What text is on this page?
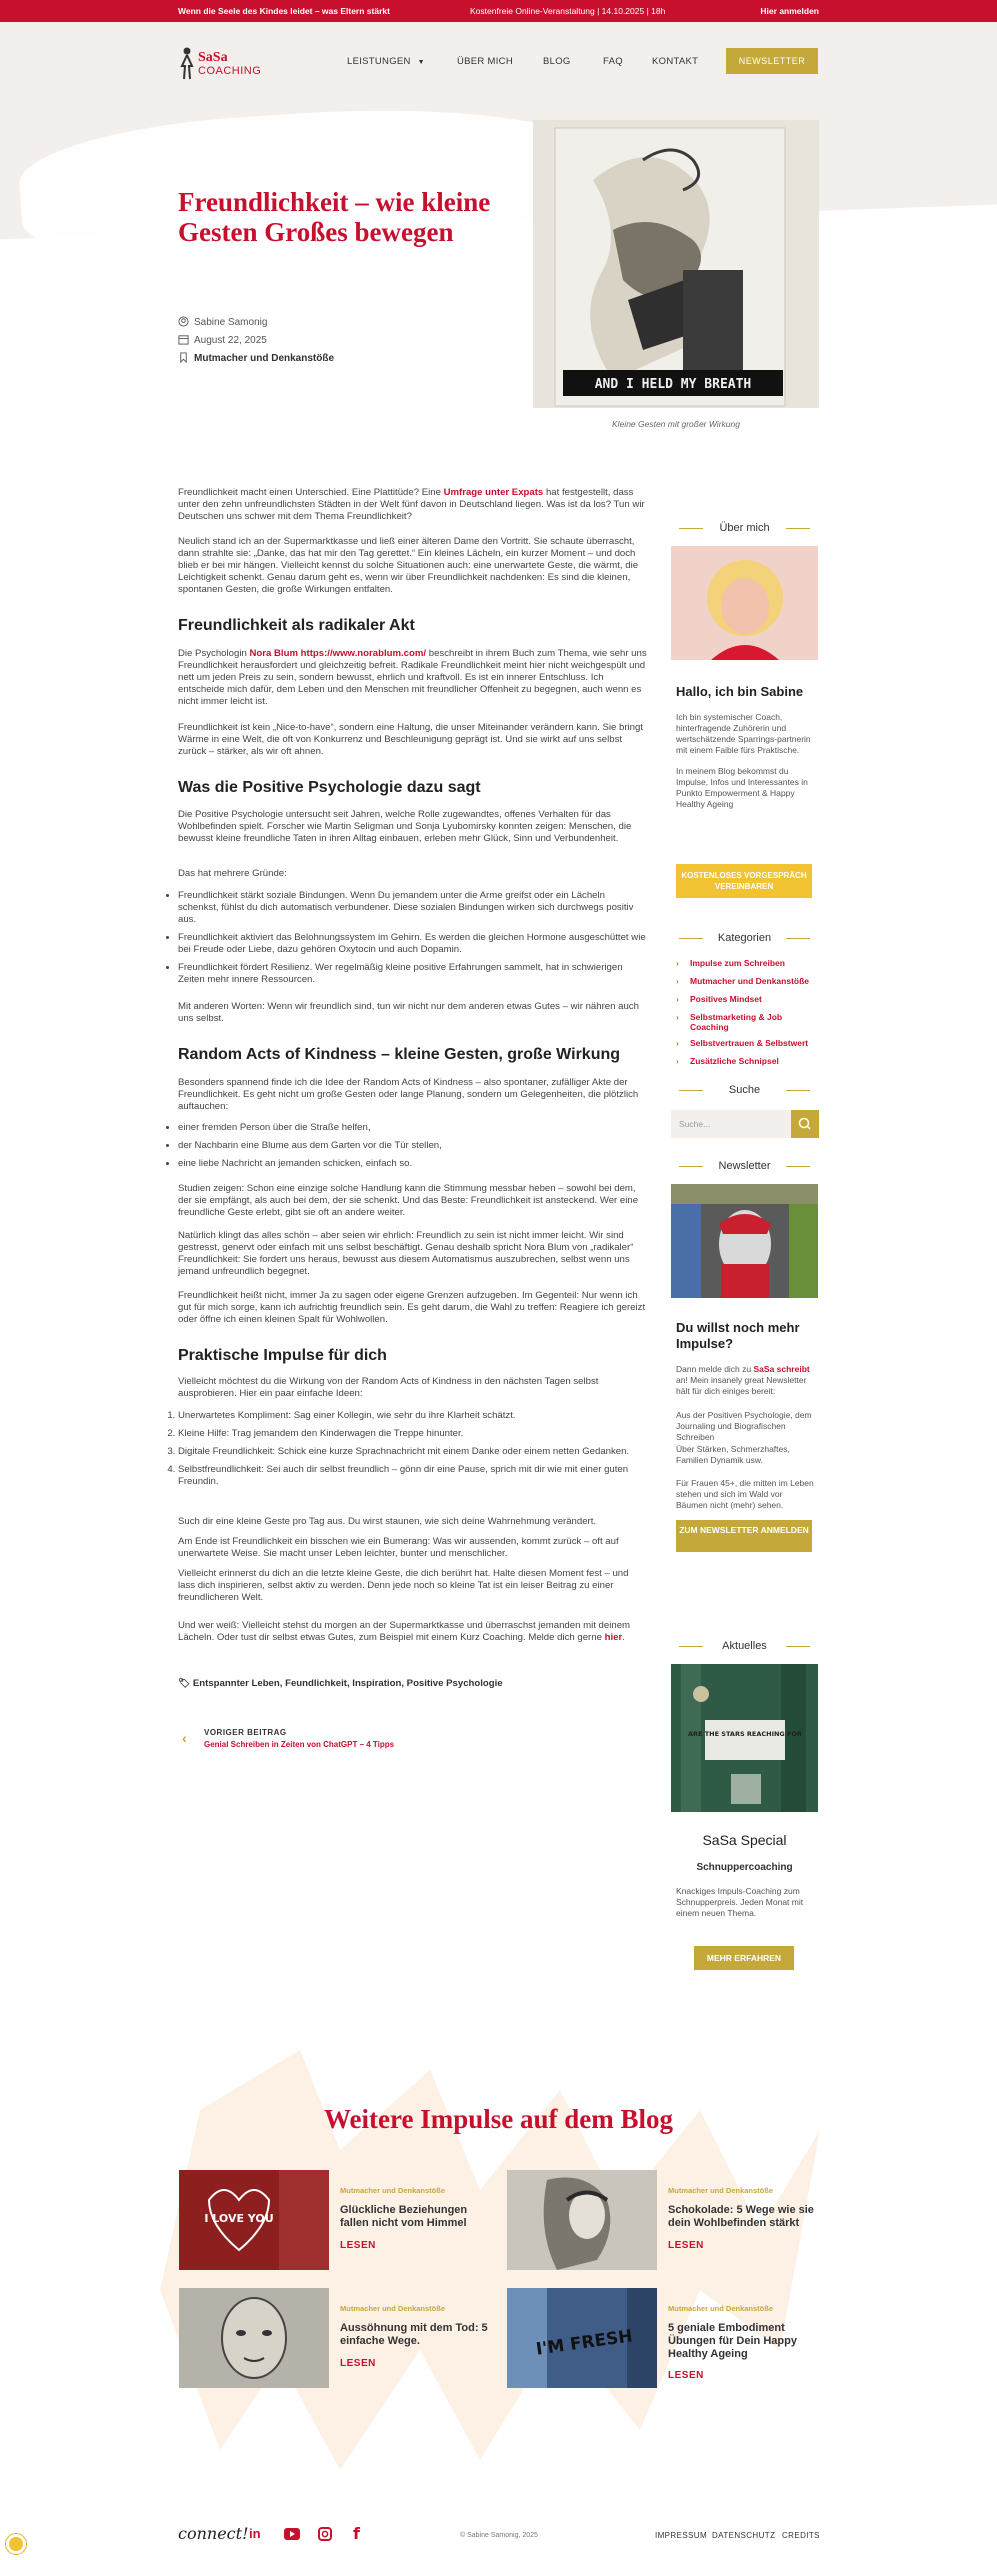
Wenn die Seele des Kindes leidet – was Eltern stärkt	Kostenfreie Online-Veranstaltung | 14.10.2025 | 18h	Hier anmelden
SaSa
COACHING
LEISTUNGEN ▼	ÜBER MICH	BLOG	FAQ	KONTAKT	NEWSLETTER
Freundlichkeit – wie kleine Gesten Großes bewegen
Sabine Samonig
August 22, 2025
Mutmacher und Denkanstöße
AND I HELD MY BREATH
Kleine Gesten mit großer Wirkung

Freundlichkeit macht einen Unterschied. Eine Plattitüde? Eine Umfrage unter Expats hat festgestellt, dass unter den zehn unfreundlichsten Städten in der Welt fünf davon in Deutschland liegen. Was ist da los? Tun wir Deutschen uns schwer mit dem Thema Freundlichkeit?

Neulich stand ich an der Supermarktkasse und ließ einer älteren Dame den Vortritt. Sie schaute überrascht, dann strahlte sie: „Danke, das hat mir den Tag gerettet.“ Ein kleines Lächeln, ein kurzer Moment – und doch blieb er bei mir hängen. Vielleicht kennst du solche Situationen auch: eine unerwartete Geste, die wärmt, die Leichtigkeit schenkt. Genau darum geht es, wenn wir über Freundlichkeit nachdenken: Es sind die kleinen, spontanen Gesten, die große Wirkungen entfalten.

Freundlichkeit als radikaler Akt

Die Psychologin Nora Blum https://www.norablum.com/ beschreibt in ihrem Buch zum Thema, wie sehr uns Freundlichkeit herausfordert und gleichzeitig befreit. Radikale Freundlichkeit meint hier nicht weichgespült und nett um jeden Preis zu sein, sondern bewusst, ehrlich und kraftvoll. Es ist ein innerer Entschluss. Ich entscheide mich dafür, dem Leben und den Menschen mit freundlicher Offenheit zu begegnen, auch wenn es nicht immer leicht ist.

Freundlichkeit ist kein „Nice-to-have“, sondern eine Haltung, die unser Miteinander verändern kann. Sie bringt Wärme in eine Welt, die oft von Konkurrenz und Beschleunigung geprägt ist. Und sie wirkt auf uns selbst zurück – stärker, als wir oft ahnen.

Was die Positive Psychologie dazu sagt

Die Positive Psychologie untersucht seit Jahren, welche Rolle zugewandtes, offenes Verhalten für das Wohlbefinden spielt. Forscher wie Martin Seligman und Sonja Lyubomirsky konnten zeigen: Menschen, die bewusst kleine freundliche Taten in ihren Alltag einbauen, erleben mehr Glück, Sinn und Verbundenheit.

Das hat mehrere Gründe:

• Freundlichkeit stärkt soziale Bindungen. Wenn Du jemandem unter die Arme greifst oder ein Lächeln schenkst, fühlst du dich automatisch verbundener. Diese sozialen Bindungen wirken sich durchwegs positiv aus.
• Freundlichkeit aktiviert das Belohnungssystem im Gehirn. Es werden die gleichen Hormone ausgeschüttet wie bei Freude oder Liebe, dazu gehören Oxytocin und auch Dopamin.
• Freundlichkeit fördert Resilienz. Wer regelmäßig kleine positive Erfahrungen sammelt, hat in schwierigen Zeiten mehr innere Ressourcen.

Mit anderen Worten: Wenn wir freundlich sind, tun wir nicht nur dem anderen etwas Gutes – wir nähren auch uns selbst.

Random Acts of Kindness – kleine Gesten, große Wirkung

Besonders spannend finde ich die Idee der Random Acts of Kindness – also spontaner, zufälliger Akte der Freundlichkeit. Es geht nicht um große Gesten oder lange Planung, sondern um Gelegenheiten, die plötzlich auftauchen:

• einer fremden Person über die Straße helfen,
• der Nachbarin eine Blume aus dem Garten vor die Tür stellen,
• eine liebe Nachricht an jemanden schicken, einfach so.

Studien zeigen: Schon eine einzige solche Handlung kann die Stimmung messbar heben – sowohl bei dem, der sie empfängt, als auch bei dem, der sie schenkt. Und das Beste: Freundlichkeit ist ansteckend. Wer eine freundliche Geste erlebt, gibt sie oft an andere weiter.

Natürlich klingt das alles schön – aber seien wir ehrlich: Freundlich zu sein ist nicht immer leicht. Wir sind gestresst, genervt oder einfach mit uns selbst beschäftigt. Genau deshalb spricht Nora Blum von „radikaler“ Freundlichkeit: Sie fordert uns heraus, bewusst aus diesem Automatismus auszubrechen, selbst wenn uns jemand unfreundlich begegnet.

Freundlichkeit heißt nicht, immer Ja zu sagen oder eigene Grenzen aufzugeben. Im Gegenteil: Nur wenn ich gut für mich sorge, kann ich aufrichtig freundlich sein. Es geht darum, die Wahl zu treffen: Reagiere ich gereizt oder öffne ich einen kleinen Spalt für Wohlwollen.

Praktische Impulse für dich

Vielleicht möchtest du die Wirkung von der Random Acts of Kindness in den nächsten Tagen selbst ausprobieren. Hier ein paar einfache Ideen:

1. Unerwartetes Kompliment: Sag einer Kollegin, wie sehr du ihre Klarheit schätzt.
2. Kleine Hilfe: Trag jemandem den Kinderwagen die Treppe hinunter.
3. Digitale Freundlichkeit: Schick eine kurze Sprachnachricht mit einem Danke oder einem netten Gedanken.
4. Selbstfreundlichkeit: Sei auch dir selbst freundlich – gönn dir eine Pause, sprich mit dir wie mit einer guten Freundin.

Such dir eine kleine Geste pro Tag aus. Du wirst staunen, wie sich deine Wahrnehmung verändert.

Am Ende ist Freundlichkeit ein bisschen wie ein Bumerang: Was wir aussenden, kommt zurück – oft auf unerwartete Weise. Sie macht unser Leben leichter, bunter und menschlicher.

Vielleicht erinnerst du dich an die letzte kleine Geste, die dich berührt hat. Halte diesen Moment fest – und lass dich inspirieren, selbst aktiv zu werden. Denn jede noch so kleine Tat ist ein leiser Beitrag zu einer freundlicheren Welt.

Und wer weiß: Vielleicht stehst du morgen an der Supermarktkasse und überraschst jemanden mit deinem Lächeln. Oder tust dir selbst etwas Gutes, zum Beispiel mit einem Kurz Coaching. Melde dich gerne hier.

🏷 Entspannter Leben, Feundlichkeit, Inspiration, Positive Psychologie
‹ VORIGER BEITRAG
Genial Schreiben in Zeiten von ChatGPT – 4 Tipps
Über mich
Hallo, ich bin Sabine

Ich bin systemischer Coach, hinterfragende Zuhörerin und wertschätzende Sparrings-partnerin mit einem Faible fürs Praktische.

In meinem Blog bekommst du Impulse, Infos und Interessantes in Punkto Empowerment & Happy Healthy Ageing

KOSTENLOSES VORGESPRÄCH VEREINBAREN
Kategorien
›	Impulse zum Schreiben
›	Mutmacher und Denkanstöße
›	Positives Mindset
›	Selbstmarketing & Job Coaching
›	Selbstvertrauen & Selbstwert
›	Zusätzliche Schnipsel
Suche
Suche...
Newsletter
Du willst noch mehr Impulse?

Dann melde dich zu SaSa schreibt an! Mein insanely great Newsletter hält für dich einiges bereit:

Aus der Positiven Psychologie, dem Journaling und Biografischen Schreiben

Über Stärken, Schmerzhaftes, Familien Dynamik usw.

Für Frauen 45+, die mitten im Leben stehen und sich im Wald vor Bäumen nicht (mehr) sehen.

ZUM NEWSLETTER ANMELDEN
Aktuelles
ARE THE STARS REACHING FOR
SaSa Special
Schnuppercoaching

Knackiges Impuls-Coaching zum Schnupperpreis. Jeden Monat mit einem neuen Thema.

MEHR ERFAHREN
Weitere Impulse auf dem Blog
I LOVE YOU
Mutmacher und Denkanstöße
Glückliche Beziehungen fallen nicht vom Himmel
LESEN
Mutmacher und Denkanstöße
Schokolade: 5 Wege wie sie dein Wohlbefinden stärkt
LESEN
Mutmacher und Denkanstöße
Aussöhnung mit dem Tod: 5 einfache Wege.
LESEN
I'M FRESH
Mutmacher und Denkanstöße
5 geniale Embodiment Übungen für Dein Happy Healthy Ageing
LESEN
connect! in	f	© Sabine Samonig, 2025	IMPRESSUM DATENSCHUTZ CREDITS
